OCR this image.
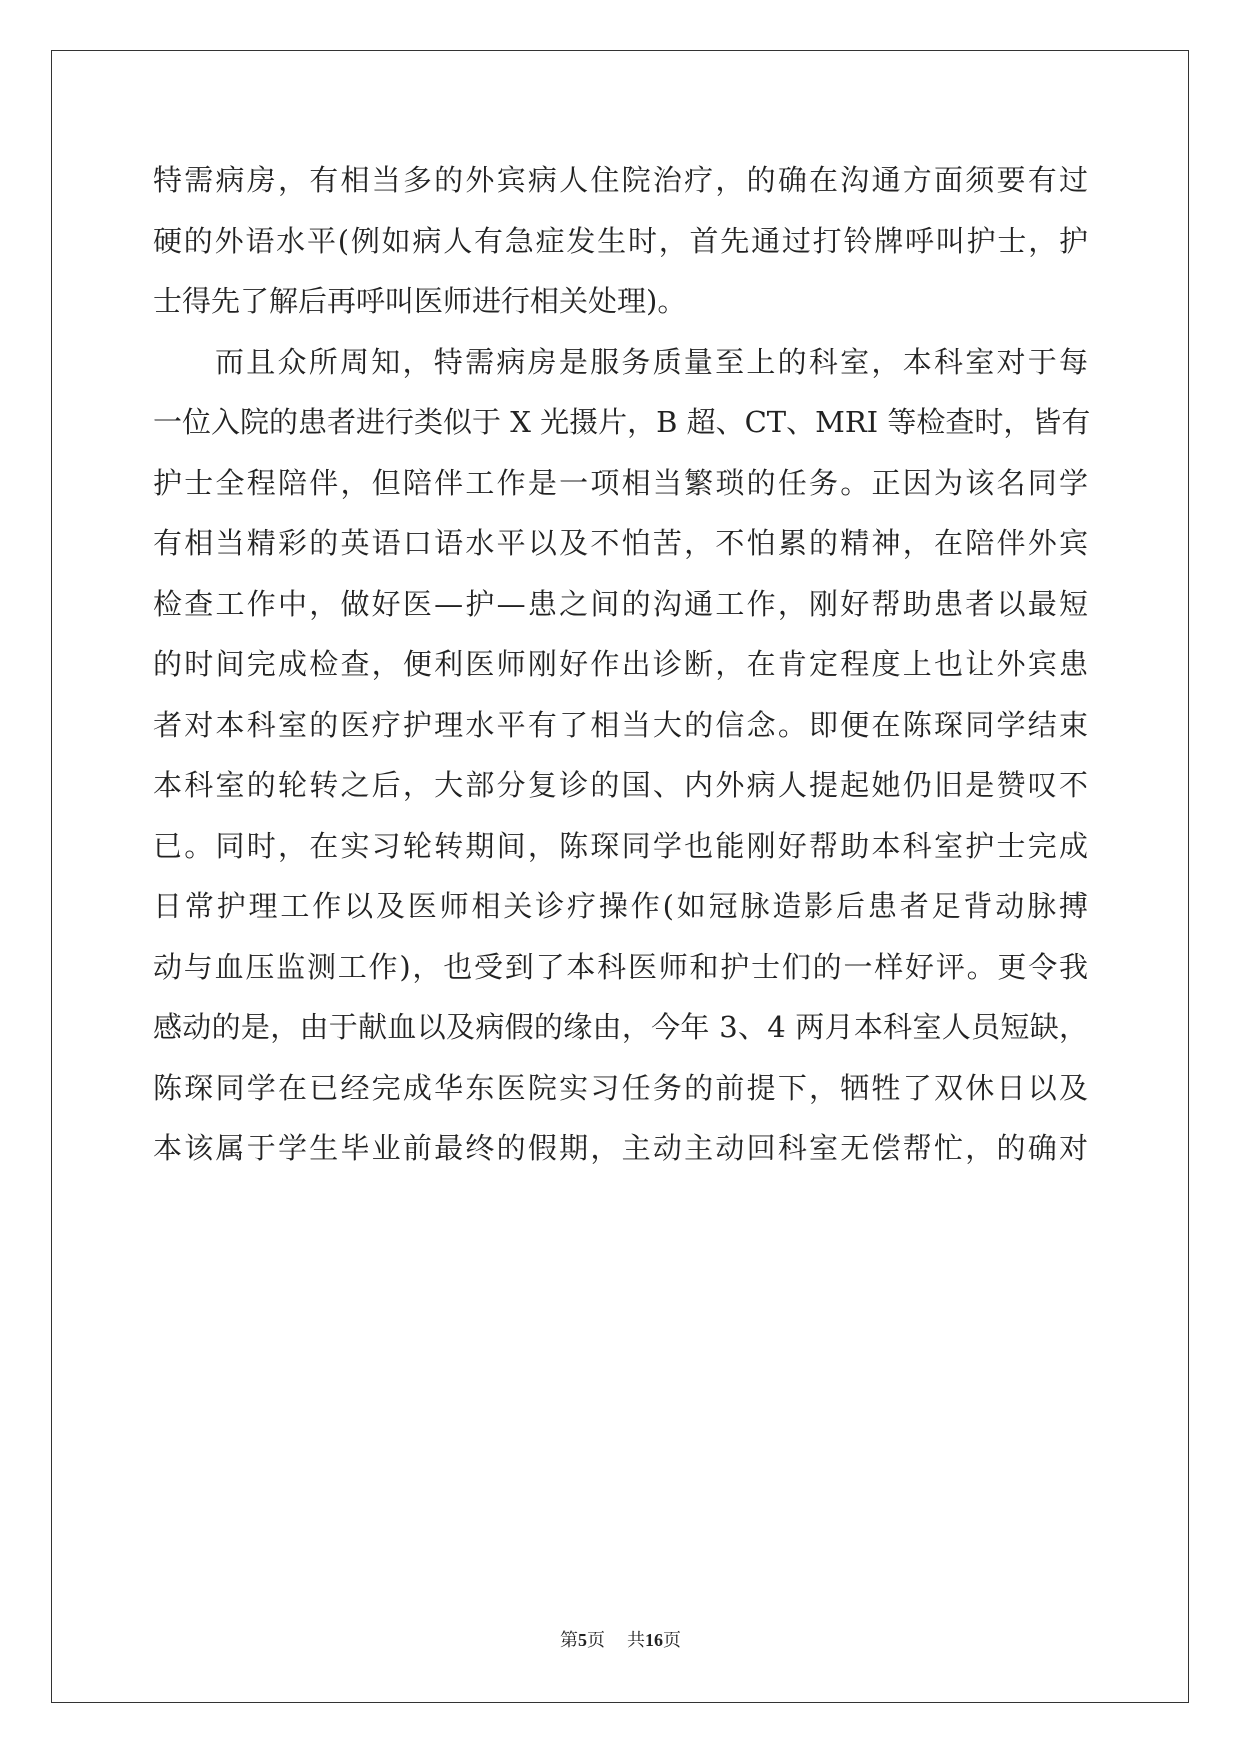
特需病房，有相当多的外宾病人住院治疗，的确在沟通方面须要有过
硬的外语水平(例如病人有急症发生时，首先通过打铃牌呼叫护士，护
士得先了解后再呼叫医师进行相关处理)。
而且众所周知，特需病房是服务质量至上的科室，本科室对于每
一位入院的患者进行类似于 X 光摄片，B 超、CT、MRI 等检查时，皆有
护士全程陪伴，但陪伴工作是一项相当繁琐的任务。正因为该名同学
有相当精彩的英语口语水平以及不怕苦，不怕累的精神，在陪伴外宾
检查工作中，做好医—护—患之间的沟通工作，刚好帮助患者以最短
的时间完成检查，便利医师刚好作出诊断，在肯定程度上也让外宾患
者对本科室的医疗护理水平有了相当大的信念。即便在陈琛同学结束
本科室的轮转之后，大部分复诊的国、内外病人提起她仍旧是赞叹不
已。同时，在实习轮转期间，陈琛同学也能刚好帮助本科室护士完成
日常护理工作以及医师相关诊疗操作(如冠脉造影后患者足背动脉搏
动与血压监测工作)，也受到了本科医师和护士们的一样好评。更令我
感动的是，由于献血以及病假的缘由，今年 3、4 两月本科室人员短缺，
陈琛同学在已经完成华东医院实习任务的前提下，牺牲了双休日以及
本该属于学生毕业前最终的假期，主动主动回科室无偿帮忙，的确对
第5页 共16页
